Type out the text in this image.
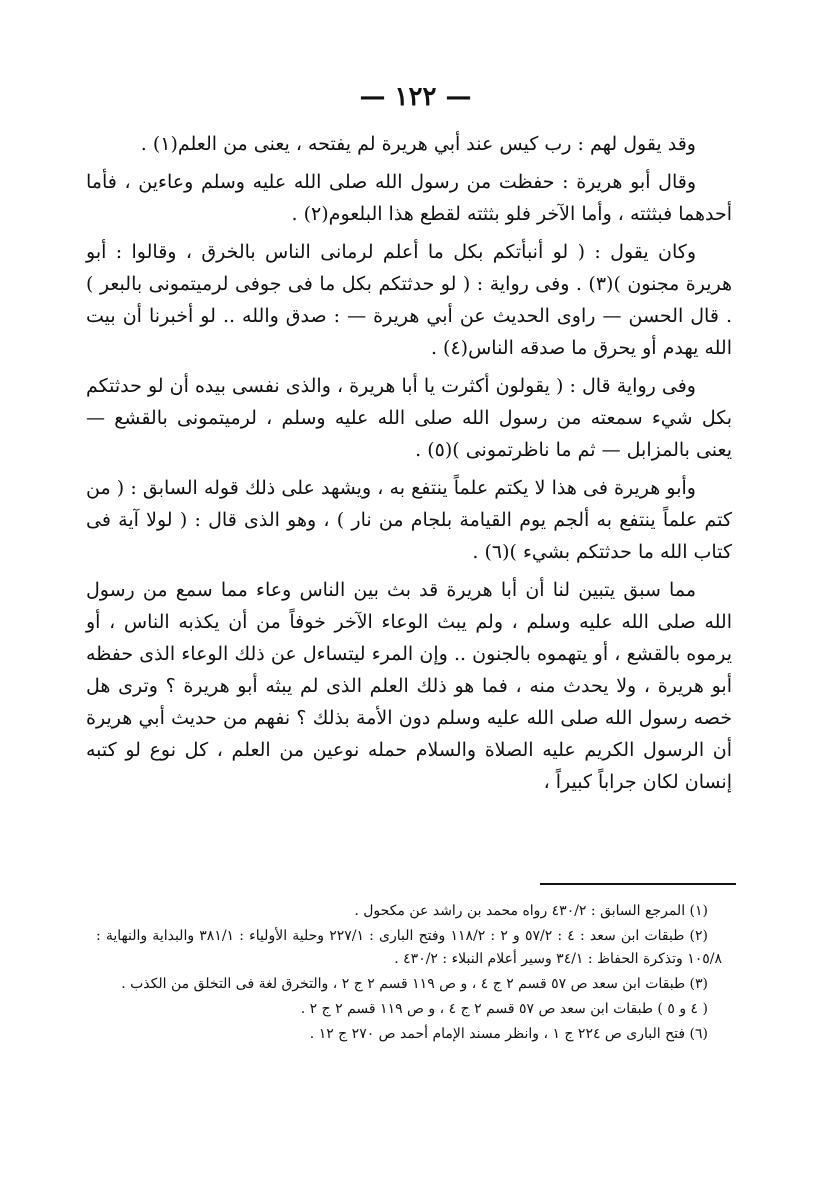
— ١٢٢ —

وقد يقول لهم : رب كيس عند أبي هريرة لم يفتحه ، يعنى من العلم(١) .

وقال أبو هريرة : حفظت من رسول الله صلى الله عليه وسلم وعاءين ، فأما أحدهما فبثثته ، وأما الآخر فلو بثثته لقطع هذا البلعوم(٢) .

وكان يقول : ( لو أنبأتكم بكل ما أعلم لرمانى الناس بالخرق ، وقالوا : أبو هريرة مجنون )(٣) . وفى رواية : ( لو حدثتكم بكل ما فى جوفى لرميتمونى بالبعر ) . قال الحسن — راوى الحديث عن أبي هريرة — : صدق والله .. لو أخبرنا أن بيت الله يهدم أو يحرق ما صدقه الناس(٤) .

وفى رواية قال : ( يقولون أكثرت يا أبا هريرة ، والذى نفسى بيده أن لو حدثتكم بكل شيء سمعته من رسول الله صلى الله عليه وسلم ، لرميتمونى بالقشع — يعنى بالمزابل — ثم ما ناظرتمونى )(٥) .

وأبو هريرة فى هذا لا يكتم علماً ينتفع به ، ويشهد على ذلك قوله السابق : ( من كتم علماً ينتفع به ألجم يوم القيامة بلجام من نار ) ، وهو الذى قال : ( لولا آية فى كتاب الله ما حدثتكم بشيء )(٦) .

مما سبق يتبين لنا أن أبا هريرة قد بث بين الناس وعاء مما سمع من رسول الله صلى الله عليه وسلم ، ولم يبث الوعاء الآخر خوفاً من أن يكذبه الناس ، أو يرموه بالقشع ، أو يتهموه بالجنون .. وإن المرء ليتساءل عن ذلك الوعاء الذى حفظه أبو هريرة ، ولا يحدث منه ، فما هو ذلك العلم الذى لم يبثه أبو هريرة ؟ وترى هل خصه رسول الله صلى الله عليه وسلم دون الأمة بذلك ؟ نفهم من حديث أبي هريرة أن الرسول الكريم عليه الصلاة والسلام حمله نوعين من العلم ، كل نوع لو كتبه إنسان لكان جراباً كبيراً ،

(١) المرجع السابق : ٤٣٠/٢ رواه محمد بن راشد عن مكحول .

(٢) طبقات ابن سعد : ٤ : ٥٧/٢ و ٢ : ١١٨/٢ وفتح البارى : ٢٢٧/١ وحلية الأولياء : ٣٨١/١ والبداية والنهاية : ١٠٥/٨ وتذكرة الحفاظ : ٣٤/١ وسير أعلام النبلاء : ٤٣٠/٢ .

(٣) طبقات ابن سعد ص ٥٧ قسم ٢ ج ٤ ، و ص ١١٩ قسم ٢ ج ٢ ، والتخرق لغة فى التخلق من الكذب .

( ٤ و ٥ ) طبقات ابن سعد ص ٥٧ قسم ٢ ج ٤ ، و ص ١١٩ قسم ٢ ج ٢ .

(٦) فتح البارى ص ٢٢٤ ج ١ ، وانظر مسند الإمام أحمد ص ٢٧٠ ج ١٢ .
